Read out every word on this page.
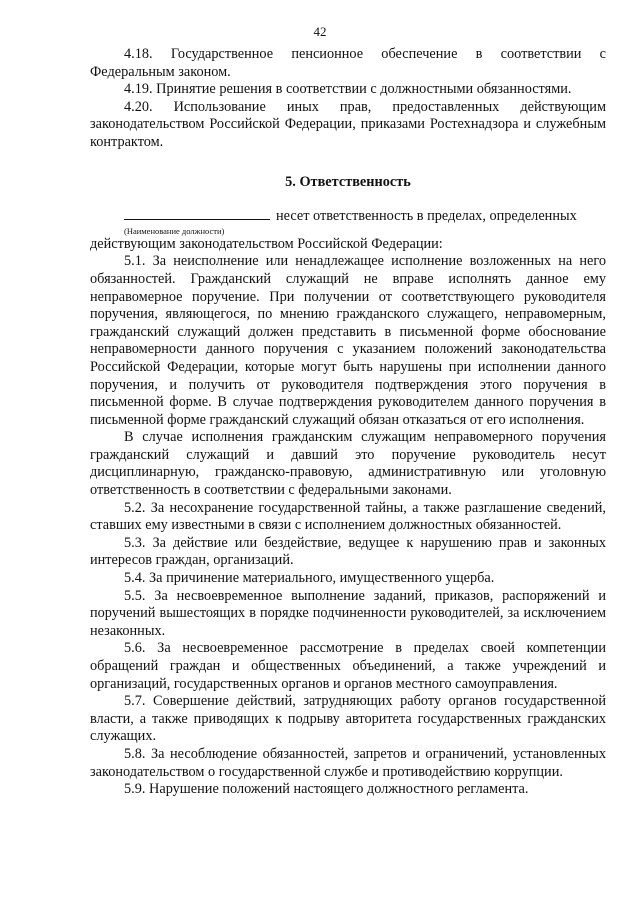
42

4.18. Государственное пенсионное обеспечение в соответствии с Федеральным законом.

4.19. Принятие решения в соответствии с должностными обязанностями.

4.20. Использование иных прав, предоставленных действующим законодательством Российской Федерации, приказами Ростехнадзора и служебным контрактом.

5. Ответственность
несет ответственность в пределах, определенных
(Наименование должности)

действующим законодательством Российской Федерации:

5.1. За неисполнение или ненадлежащее исполнение возложенных на него обязанностей. Гражданский служащий не вправе исполнять данное ему неправомерное поручение. При получении от соответствующего руководителя поручения, являющегося, по мнению гражданского служащего, неправомерным, гражданский служащий должен представить в письменной форме обоснование неправомерности данного поручения с указанием положений законодательства Российской Федерации, которые могут быть нарушены при исполнении данного поручения, и получить от руководителя подтверждения этого поручения в письменной форме. В случае подтверждения руководителем данного поручения в письменной форме гражданский служащий обязан отказаться от его исполнения.

В случае исполнения гражданским служащим неправомерного поручения гражданский служащий и давший это поручение руководитель несут дисциплинарную, гражданско-правовую, административную или уголовную ответственность в соответствии с федеральными законами.

5.2. За несохранение государственной тайны, а также разглашение сведений, ставших ему известными в связи с исполнением должностных обязанностей.

5.3. За действие или бездействие, ведущее к нарушению прав и законных интересов граждан, организаций.

5.4. За причинение материального, имущественного ущерба.

5.5. За несвоевременное выполнение заданий, приказов, распоряжений и поручений вышестоящих в порядке подчиненности руководителей, за исключением незаконных.

5.6. За несвоевременное рассмотрение в пределах своей компетенции обращений граждан и общественных объединений, а также учреждений и организаций, государственных органов и органов местного самоуправления.

5.7. Совершение действий, затрудняющих работу органов государственной власти, а также приводящих к подрыву авторитета государственных гражданских служащих.

5.8. За несоблюдение обязанностей, запретов и ограничений, установленных законодательством о государственной службе и противодействию коррупции.

5.9. Нарушение положений настоящего должностного регламента.
